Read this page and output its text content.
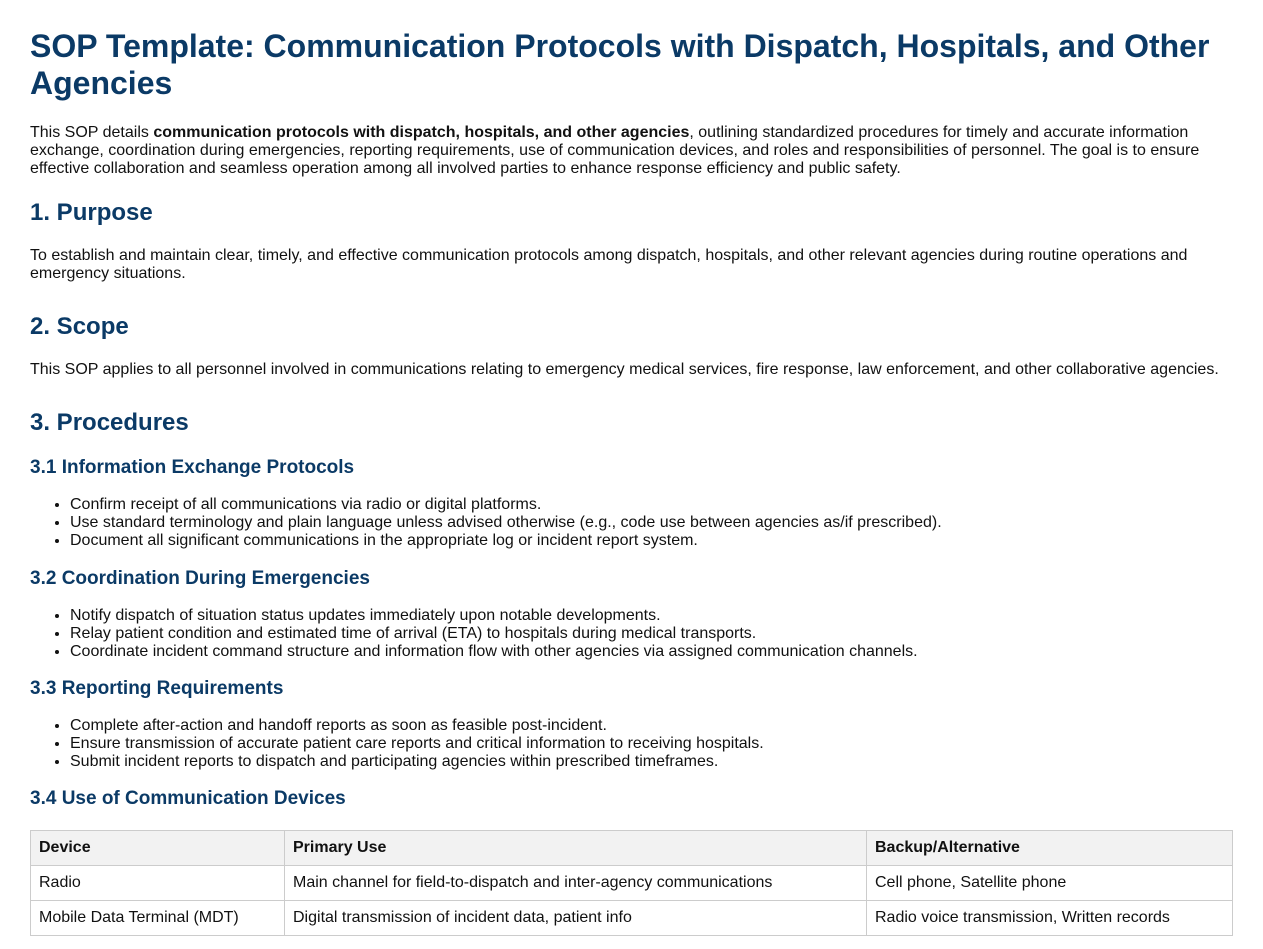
SOP Template: Communication Protocols with Dispatch, Hospitals, and Other Agencies

This SOP details communication protocols with dispatch, hospitals, and other agencies, outlining standardized procedures for timely and accurate information exchange, coordination during emergencies, reporting requirements, use of communication devices, and roles and responsibilities of personnel. The goal is to ensure effective collaboration and seamless operation among all involved parties to enhance response efficiency and public safety.

1. Purpose

To establish and maintain clear, timely, and effective communication protocols among dispatch, hospitals, and other relevant agencies during routine operations and emergency situations.

2. Scope

This SOP applies to all personnel involved in communications relating to emergency medical services, fire response, law enforcement, and other collaborative agencies.

3. Procedures
3.1 Information Exchange Protocols
• Confirm receipt of all communications via radio or digital platforms.
• Use standard terminology and plain language unless advised otherwise (e.g., code use between agencies as/if prescribed).
• Document all significant communications in the appropriate log or incident report system.
3.2 Coordination During Emergencies
• Notify dispatch of situation status updates immediately upon notable developments.
• Relay patient condition and estimated time of arrival (ETA) to hospitals during medical transports.
• Coordinate incident command structure and information flow with other agencies via assigned communication channels.
3.3 Reporting Requirements
• Complete after-action and handoff reports as soon as feasible post-incident.
• Ensure transmission of accurate patient care reports and critical information to receiving hospitals.
• Submit incident reports to dispatch and participating agencies within prescribed timeframes.
3.4 Use of Communication Devices
Device	Primary Use	Backup/Alternative
Radio	Main channel for field-to-dispatch and inter-agency communications	Cell phone, Satellite phone
Mobile Data Terminal (MDT)	Digital transmission of incident data, patient info	Radio voice transmission, Written records
